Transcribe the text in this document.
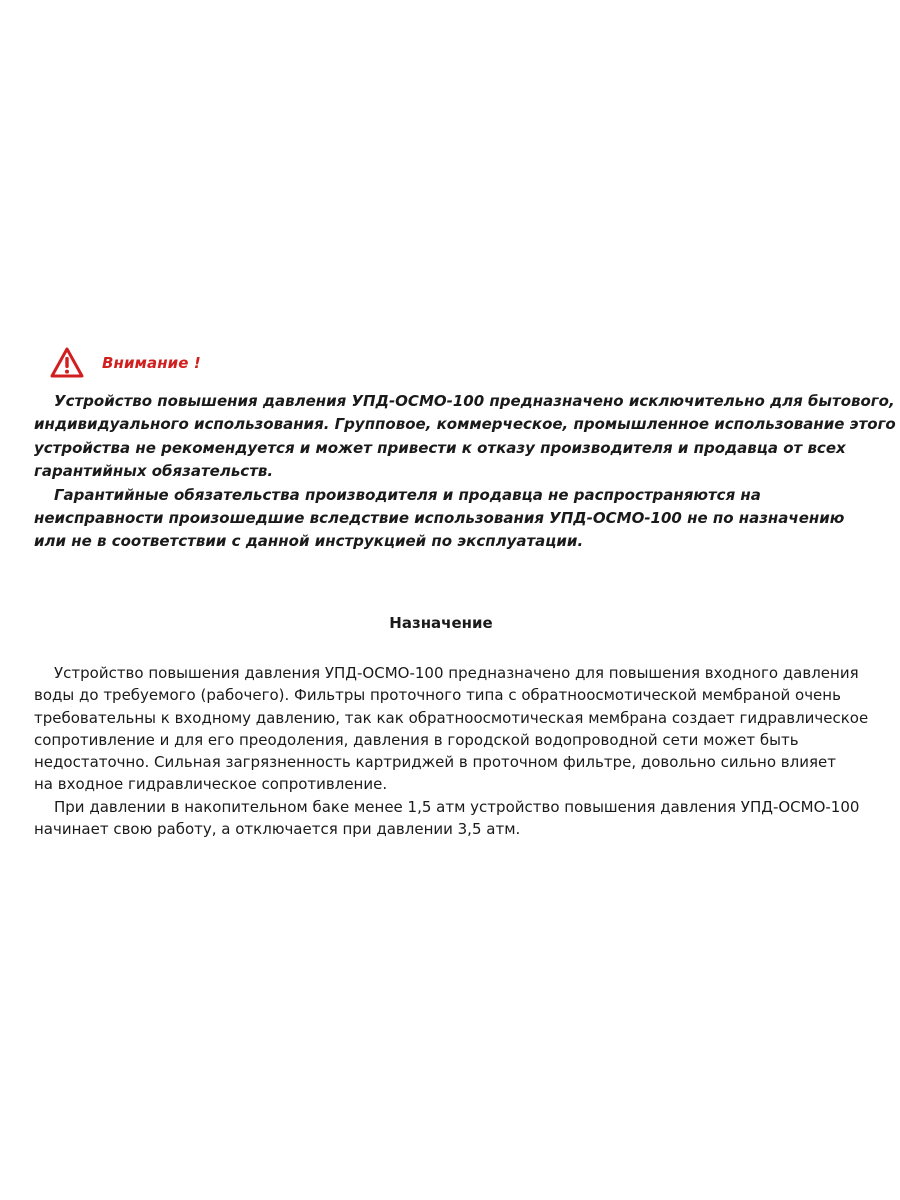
Внимание !
Устройство повышения давления УПД-ОСМО-100 предназначено исключительно для бытового,
индивидуального использования. Групповое, коммерческое, промышленное использование этого
устройства не рекомендуется и может привести к отказу производителя и продавца от всех
гарантийных обязательств.
Гарантийные обязательства производителя и продавца не распространяются на
неисправности произошедшие вследствие использования УПД-ОСМО-100 не по назначению
или не в соответствии с данной инструкцией по эксплуатации.
Назначение
Устройство повышения давления УПД-ОСМО-100 предназначено для повышения входного давления
воды до требуемого (рабочего). Фильтры проточного типа с обратноосмотической мембраной очень
требовательны к входному давлению, так как обратноосмотическая мембрана создает гидравлическое
сопротивление и для его преодоления, давления в городской водопроводной сети может быть
недостаточно. Сильная загрязненность картриджей в проточном фильтре, довольно сильно влияет
на входное гидравлическое сопротивление.
При давлении в накопительном баке менее 1,5 атм устройство повышения давления УПД-ОСМО-100
начинает свою работу, а отключается при давлении 3,5 атм.
